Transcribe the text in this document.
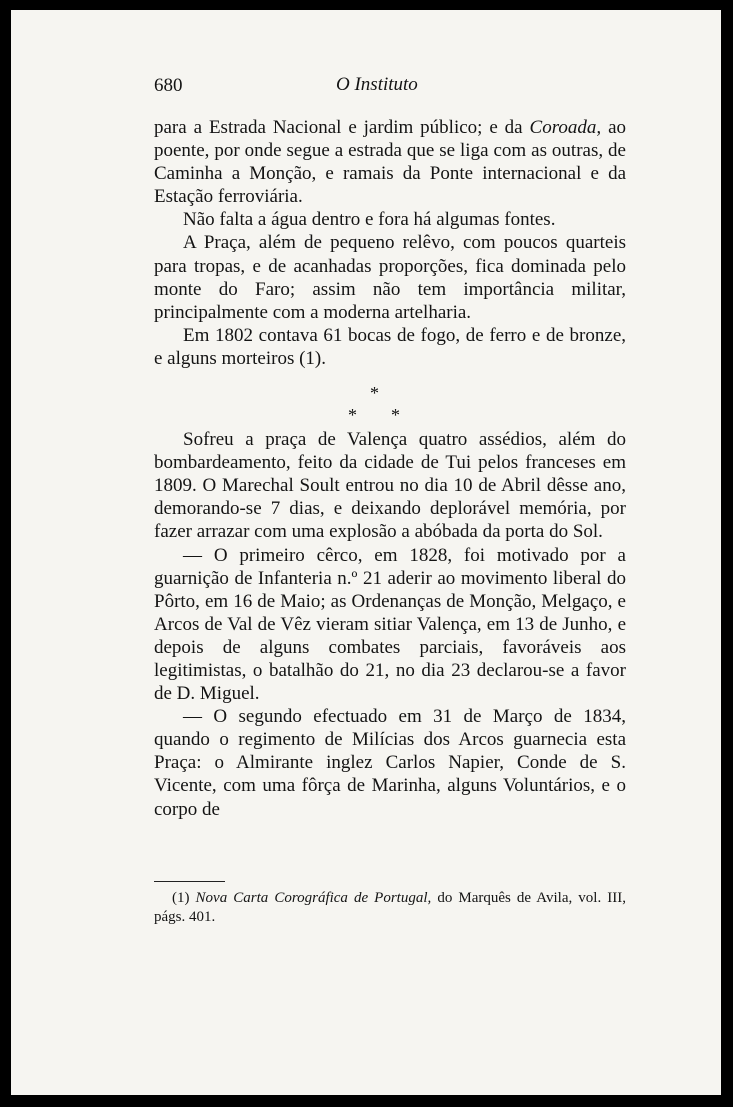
680	O Instituto

para a Estrada Nacional e jardim público; e da Coroada, ao poente, por onde segue a estrada que se liga com as outras, de Caminha a Monção, e ramais da Ponte internacional e da Estação ferroviária.

Não falta a água dentro e fora há algumas fontes.

A Praça, além de pequeno relêvo, com poucos quarteis para tropas, e de acanhadas proporções, fica dominada pelo monte do Faro; assim não tem importância militar, principalmente com a moderna artelharia.

Em 1802 contava 61 bocas de fogo, de ferro e de bronze, e alguns morteiros (1).

Sofreu a praça de Valença quatro assédios, além do bombardeamento, feito da cidade de Tui pelos franceses em 1809. O Marechal Soult entrou no dia 10 de Abril dêsse ano, demorando-se 7 dias, e deixando deplorável memória, por fazer arrazar com uma explosão a abóbada da porta do Sol.

— O primeiro cêrco, em 1828, foi motivado por a guarnição de Infanteria n.º 21 aderir ao movimento liberal do Pôrto, em 16 de Maio; as Ordenanças de Monção, Melgaço, e Arcos de Val de Vêz vieram sitiar Valença, em 13 de Junho, e depois de alguns combates parciais, favoráveis aos legitimistas, o batalhão do 21, no dia 23 declarou-se a favor de D. Miguel.

— O segundo efectuado em 31 de Março de 1834, quando o regimento de Milícias dos Arcos guarnecia esta Praça: o Almirante inglez Carlos Napier, Conde de S. Vicente, com uma fôrça de Marinha, alguns Voluntários, e o corpo de

*
* *

(1) Nova Carta Corográfica de Portugal, do Marquês de Avila, vol. III, págs. 401.
